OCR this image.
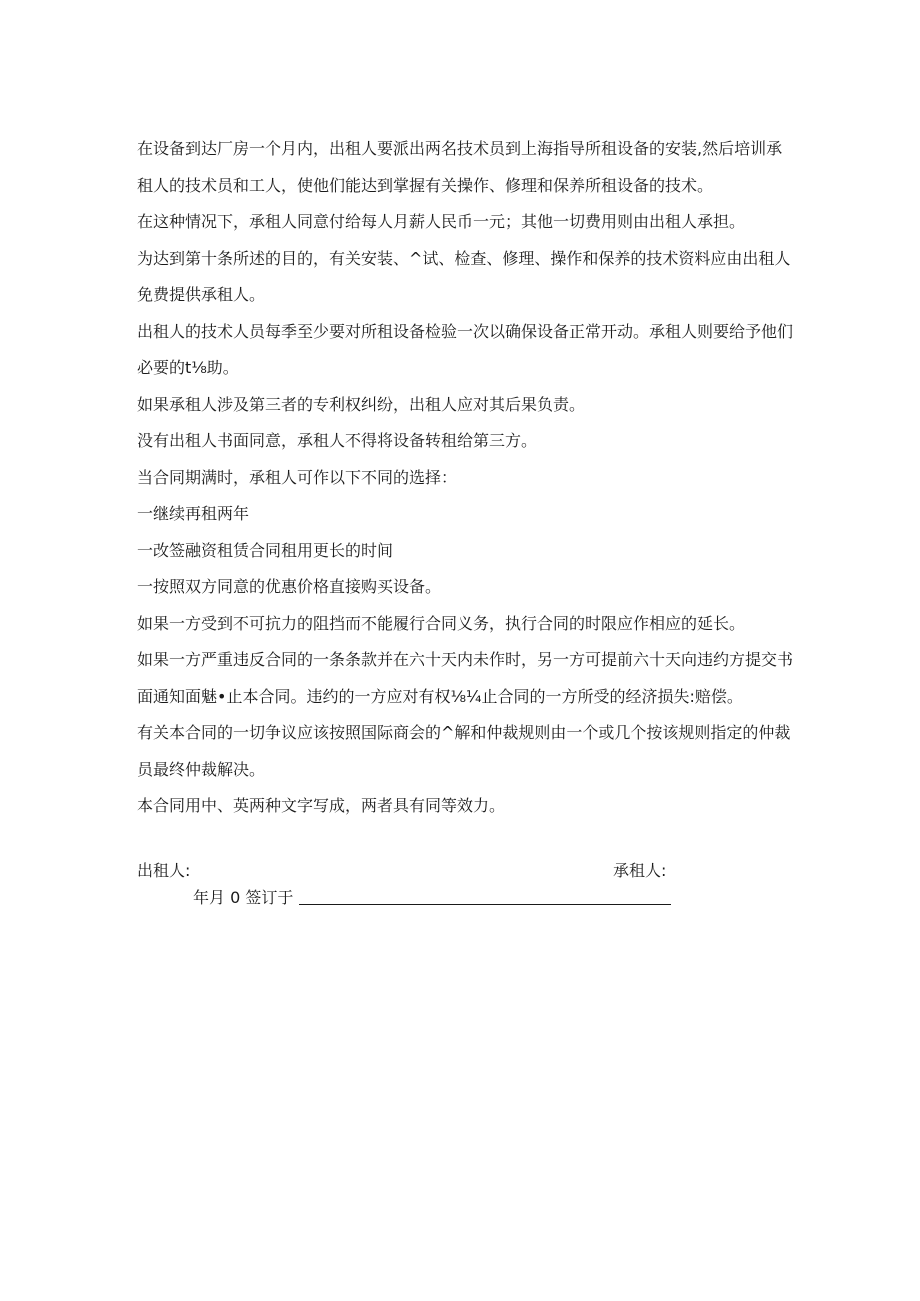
在设备到达厂房一个月内，出租人要派出两名技术员到上海指导所租设备的安装,然后培训承租人的技术员和工人，使他们能达到掌握有关操作、修理和保养所租设备的技术。

在这种情况下，承租人同意付给每人月薪人民币一元；其他一切费用则由出租人承担。

为达到第十条所述的目的，有关安装、^试、检查、修理、操作和保养的技术资料应由出租人免费提供承租人。

出租人的技术人员每季至少要对所租设备检验一次以确保设备正常开动。承租人则要给予他们必要的t⅛助。

如果承租人涉及第三者的专利权纠纷，出租人应对其后果负责。

没有出租人书面同意，承租人不得将设备转租给第三方。

当合同期满时，承租人可作以下不同的选择：

一继续再租两年

一改签融资租赁合同租用更长的时间

一按照双方同意的优惠价格直接购买设备。

如果一方受到不可抗力的阻挡而不能履行合同义务，执行合同的时限应作相应的延长。

如果一方严重违反合同的一条条款并在六十天内未作时，另一方可提前六十天向违约方提交书面通知面魅•止本合同。违约的一方应对有权⅛¼止合同的一方所受的经济损失:赔偿。

有关本合同的一切争议应该按照国际商会的^解和仲裁规则由一个或几个按该规则指定的仲裁员最终仲裁解决。

本合同用中、英两种文字写成，两者具有同等效力。

出租人:	承租人:
年月 0 签订于
